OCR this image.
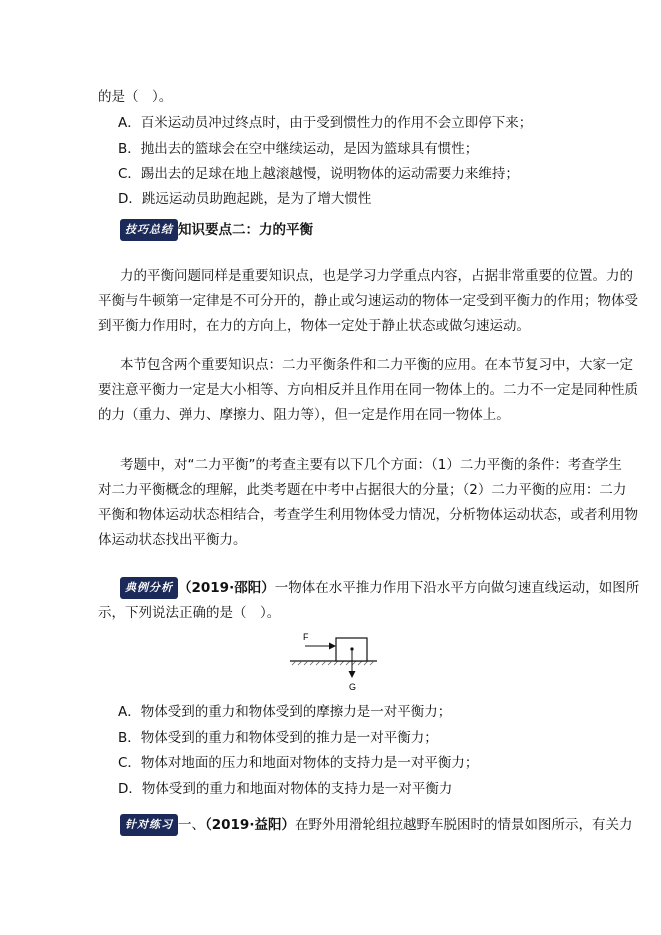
的是（　）。
A．百米运动员冲过终点时，由于受到惯性力的作用不会立即停下来；
B．抛出去的篮球会在空中继续运动，是因为篮球具有惯性；
C．踢出去的足球在地上越滚越慢，说明物体的运动需要力来维持；
D．跳远运动员助跑起跳，是为了增大惯性
技巧总结 知识要点二：力的平衡
力的平衡问题同样是重要知识点，也是学习力学重点内容，占据非常重要的位置。力的
平衡与牛顿第一定律是不可分开的，静止或匀速运动的物体一定受到平衡力的作用；物体受
到平衡力作用时，在力的方向上，物体一定处于静止状态或做匀速运动。
本节包含两个重要知识点：二力平衡条件和二力平衡的应用。在本节复习中，大家一定
要注意平衡力一定是大小相等、方向相反并且作用在同一物体上的。二力不一定是同种性质
的力（重力、弹力、摩擦力、阻力等），但一定是作用在同一物体上。
考题中，对“二力平衡”的考查主要有以下几个方面：（1）二力平衡的条件：考查学生
对二力平衡概念的理解，此类考题在中考中占据很大的分量；（2）二力平衡的应用：二力
平衡和物体运动状态相结合，考查学生利用物体受力情况，分析物体运动状态，或者利用物
体运动状态找出平衡力。
典例分析 （2019·邵阳）一物体在水平推力作用下沿水平方向做匀速直线运动，如图所
示，下列说法正确的是（　）。
F
G
A．物体受到的重力和物体受到的摩擦力是一对平衡力；
B．物体受到的重力和物体受到的推力是一对平衡力；
C．物体对地面的压力和地面对物体的支持力是一对平衡力；
D．物体受到的重力和地面对物体的支持力是一对平衡力
针对练习 一、（2019·益阳）在野外用滑轮组拉越野车脱困时的情景如图所示，有关力
